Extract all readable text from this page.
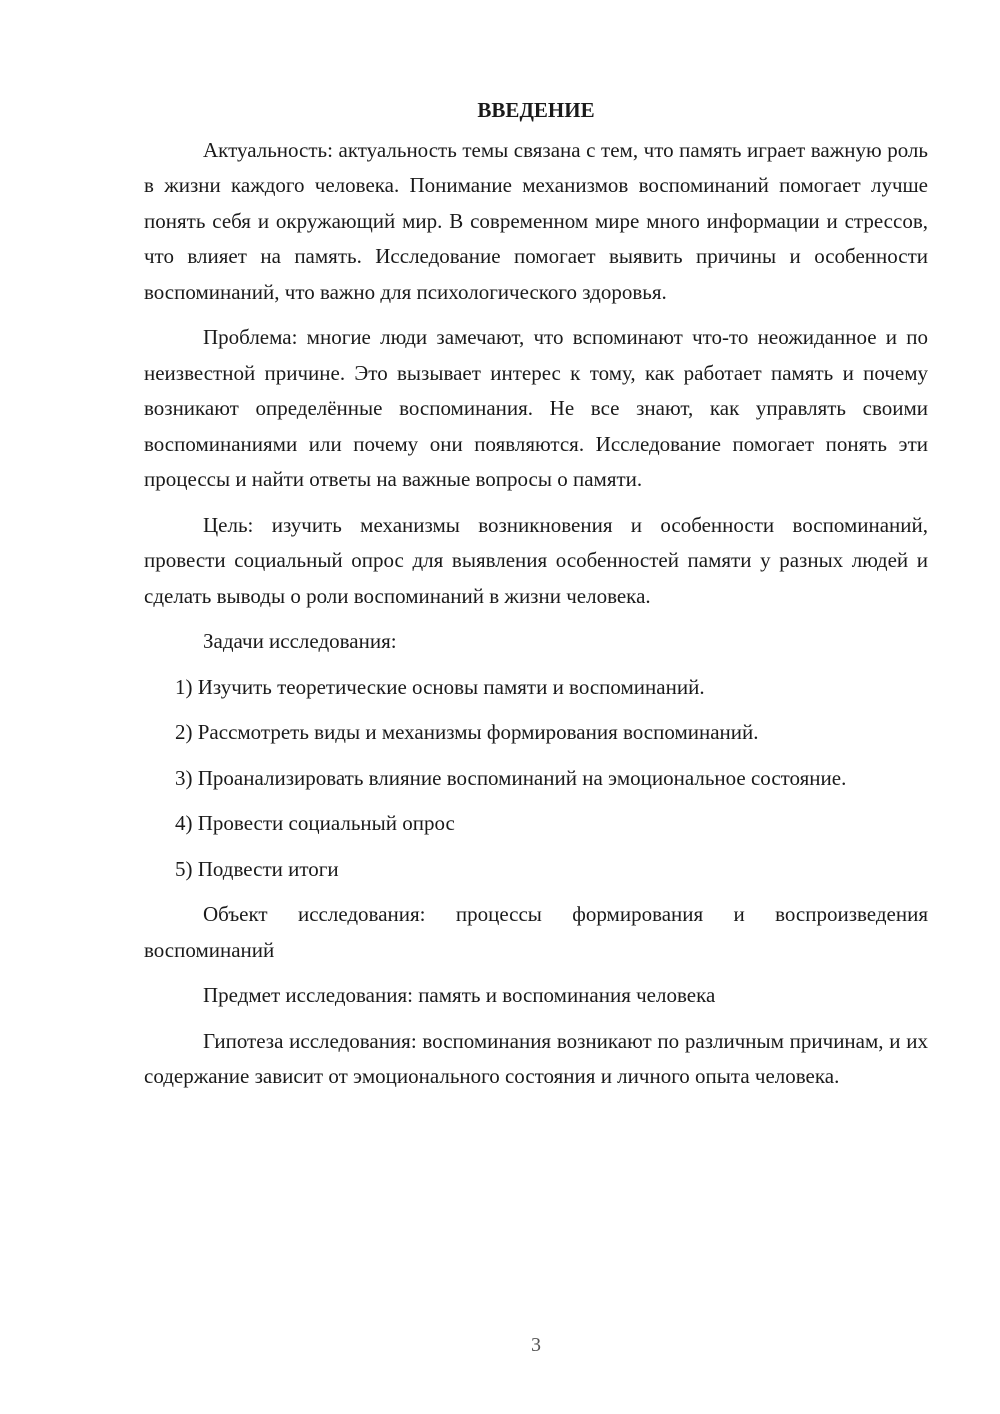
ВВЕДЕНИЕ

Актуальность: актуальность темы связана с тем, что память играет важную роль в жизни каждого человека. Понимание механизмов воспоминаний помогает лучше понять себя и окружающий мир. В современном мире много информации и стрессов, что влияет на память. Исследование помогает выявить причины и особенности воспоминаний, что важно для психологического здоровья.

Проблема: многие люди замечают, что вспоминают что-то неожиданное и по неизвестной причине. Это вызывает интерес к тому, как работает память и почему возникают определённые воспоминания. Не все знают, как управлять своими воспоминаниями или почему они появляются. Исследование помогает понять эти процессы и найти ответы на важные вопросы о памяти.

Цель: изучить механизмы возникновения и особенности воспоминаний, провести социальный опрос для выявления особенностей памяти у разных людей и сделать выводы о роли воспоминаний в жизни человека.

Задачи исследования:

1) Изучить теоретические основы памяти и воспоминаний.

2) Рассмотреть виды и механизмы формирования воспоминаний.

3) Проанализировать влияние воспоминаний на эмоциональное состояние.

4) Провести социальный опрос

5) Подвести итоги

Объект исследования: процессы формирования и воспроизведения воспоминаний

Предмет исследования: память и воспоминания человека

Гипотеза исследования: воспоминания возникают по различным причинам, и их содержание зависит от эмоционального состояния и личного опыта человека.

3
